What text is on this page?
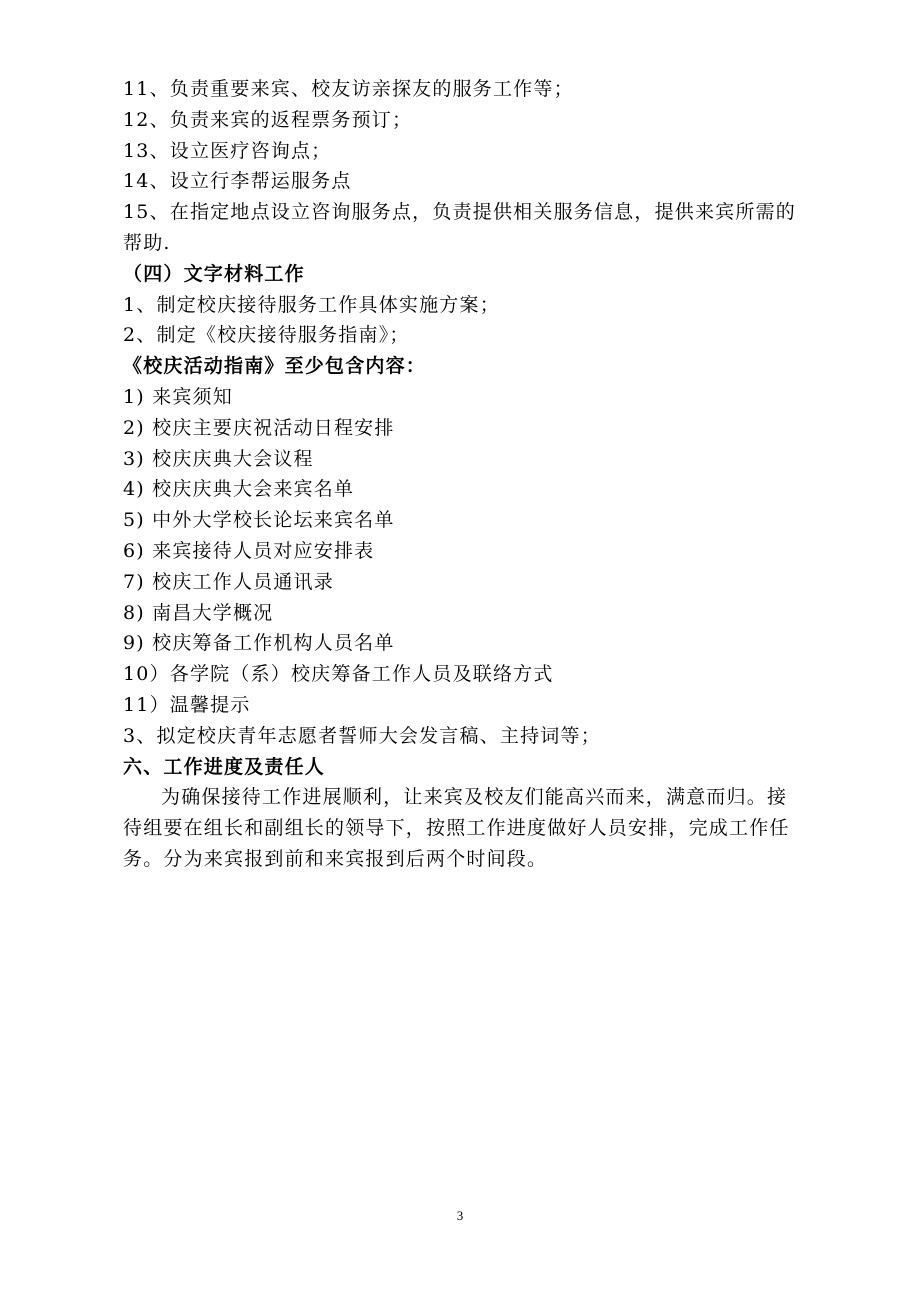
11、负责重要来宾、校友访亲探友的服务工作等；
12、负责来宾的返程票务预订；
13、设立医疗咨询点；
14、设立行李帮运服务点
15、在指定地点设立咨询服务点，负责提供相关服务信息，提供来宾所需的帮助.
（四）文字材料工作
1、制定校庆接待服务工作具体实施方案；
2、制定《校庆接待服务指南》；
《校庆活动指南》至少包含内容：
1) 来宾须知
2) 校庆主要庆祝活动日程安排
3) 校庆庆典大会议程
4) 校庆庆典大会来宾名单
5) 中外大学校长论坛来宾名单
6) 来宾接待人员对应安排表
7) 校庆工作人员通讯录
8) 南昌大学概况
9) 校庆筹备工作机构人员名单
10）各学院（系）校庆筹备工作人员及联络方式
11）温馨提示
3、拟定校庆青年志愿者誓师大会发言稿、主持词等；
六、工作进度及责任人
为确保接待工作进展顺利，让来宾及校友们能高兴而来，满意而归。接待组要在组长和副组长的领导下，按照工作进度做好人员安排，完成工作任务。分为来宾报到前和来宾报到后两个时间段。
3
